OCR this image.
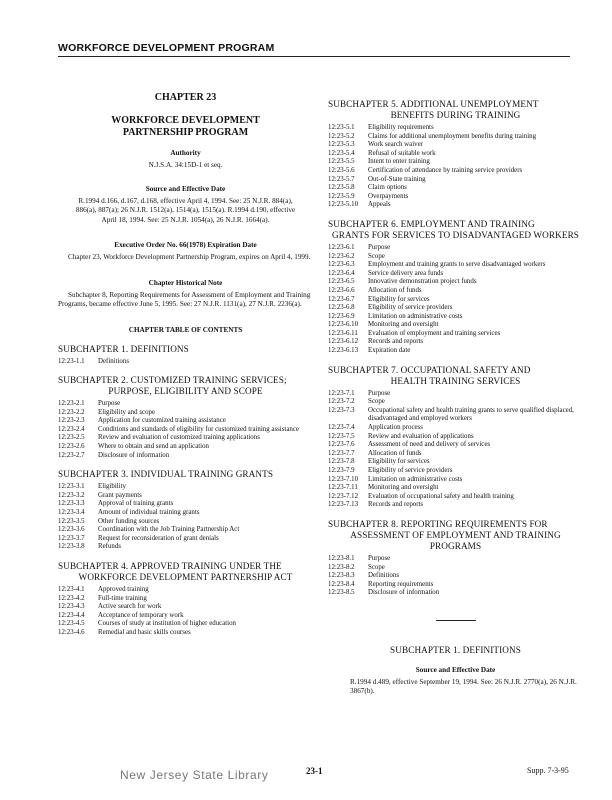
WORKFORCE DEVELOPMENT PROGRAM
CHAPTER 23
WORKFORCE DEVELOPMENT
PARTNERSHIP PROGRAM
Authority

N.J.S.A. 34:15D-1 et seq.

Source and Effective Date

R.1994 d.166, d.167, d.168, effective April 4, 1994. See: 25 N.J.R. 884(a), 886(a), 887(a); 26 N.J.R. 1512(a), 1514(a), 1515(a). R.1994 d.190, effective April 18, 1994. See: 25 N.J.R. 1054(a), 26 N.J.R. 1664(a).

Executive Order No. 66(1978) Expiration Date

Chapter 23, Workforce Development Partnership Program, expires on April 4, 1999.

Chapter Historical Note

Subchapter 8, Reporting Requirements for Assessment of Employment and Training Programs, became effective June 5, 1995. See: 27 N.J.R. 1131(a), 27 N.J.R. 2236(a).

CHAPTER TABLE OF CONTENTS
SUBCHAPTER 1. DEFINITIONS
12:23-1.1	Definitions
SUBCHAPTER 2. CUSTOMIZED TRAINING SERVICES;
PURPOSE, ELIGIBILITY AND SCOPE
12:23-2.1	Purpose
12:23-2.2	Eligibility and scope
12:23-2.3	Application for customized training assistance
12:23-2.4	Conditions and standards of eligibility for customized training assistance
12:23-2.5	Review and evaluation of customized training applications
12:23-2.6	Where to obtain and send an application
12:23-2.7	Disclosure of information
SUBCHAPTER 3. INDIVIDUAL TRAINING GRANTS
12:23-3.1	Eligibility
12:23-3.2	Grant payments
12:23-3.3	Approval of training grants
12:23-3.4	Amount of individual training grants
12:23-3.5	Other funding sources
12:23-3.6	Coordination with the Job Training Partnership Act
12:23-3.7	Request for reconsideration of grant denials
12:23-3.8	Refunds
SUBCHAPTER 4. APPROVED TRAINING UNDER THE
WORKFORCE DEVELOPMENT PARTNERSHIP ACT
12:23-4.1	Approved training
12:23-4.2	Full-time training
12:23-4.3	Active search for work
12:23-4.4	Acceptance of temporary work
12:23-4.5	Courses of study at institution of higher education
12:23-4.6	Remedial and basic skills courses
SUBCHAPTER 5. ADDITIONAL UNEMPLOYMENT
BENEFITS DURING TRAINING
12:23-5.1	Eligibility requirements
12:23-5.2	Claims for additional unemployment benefits during training
12:23-5.3	Work search waiver
12:23-5.4	Refusal of suitable work
12:23-5.5	Intent to enter training
12:23-5.6	Certification of attendance by training service providers
12:23-5.7	Out-of-State training
12:23-5.8	Claim options
12:23-5.9	Overpayments
12:23-5.10	Appeals
SUBCHAPTER 6. EMPLOYMENT AND TRAINING
GRANTS FOR SERVICES TO DISADVANTAGED WORKERS
12:23-6.1	Purpose
12:23-6.2	Scope
12:23-6.3	Employment and training grants to serve disadvantaged workers
12:23-6.4	Service delivery area funds
12:23-6.5	Innovative demonstration project funds
12:23-6.6	Allocation of funds
12:23-6.7	Eligibility for services
12:23-6.8	Eligibility of service providers
12:23-6.9	Limitation on administrative costs
12:23-6.10	Monitoring and oversight
12:23-6.11	Evaluation of employment and training services
12:23-6.12	Records and reports
12:23-6.13	Expiration date
SUBCHAPTER 7. OCCUPATIONAL SAFETY AND
HEALTH TRAINING SERVICES
12:23-7.1	Purpose
12:23-7.2	Scope
12:23-7.3	Occupational safety and health training grants to serve qualified displaced, disadvantaged and employed workers
12:23-7.4	Application process
12:23-7.5	Review and evaluation of applications
12:23-7.6	Assessment of need and delivery of services
12:23-7.7	Allocation of funds
12:23-7.8	Eligibility for services
12:23-7.9	Eligibility of service providers
12:23-7.10	Limitation on administrative costs
12:23-7.11	Monitoring and oversight
12:23-7.12	Evaluation of occupational safety and health training
12:23-7.13	Records and reports
SUBCHAPTER 8. REPORTING REQUIREMENTS FOR
ASSESSMENT OF EMPLOYMENT AND TRAINING PROGRAMS
12:23-8.1	Purpose
12:23-8.2	Scope
12:23-8.3	Definitions
12:23-8.4	Reporting requirements
12:23-8.5	Disclosure of information
SUBCHAPTER 1. DEFINITIONS
Source and Effective Date

R.1994 d.489, effective September 19, 1994. See: 26 N.J.R. 2770(a), 26 N.J.R. 3867(b).

New Jersey State Library	23-1	Supp. 7-3-95
